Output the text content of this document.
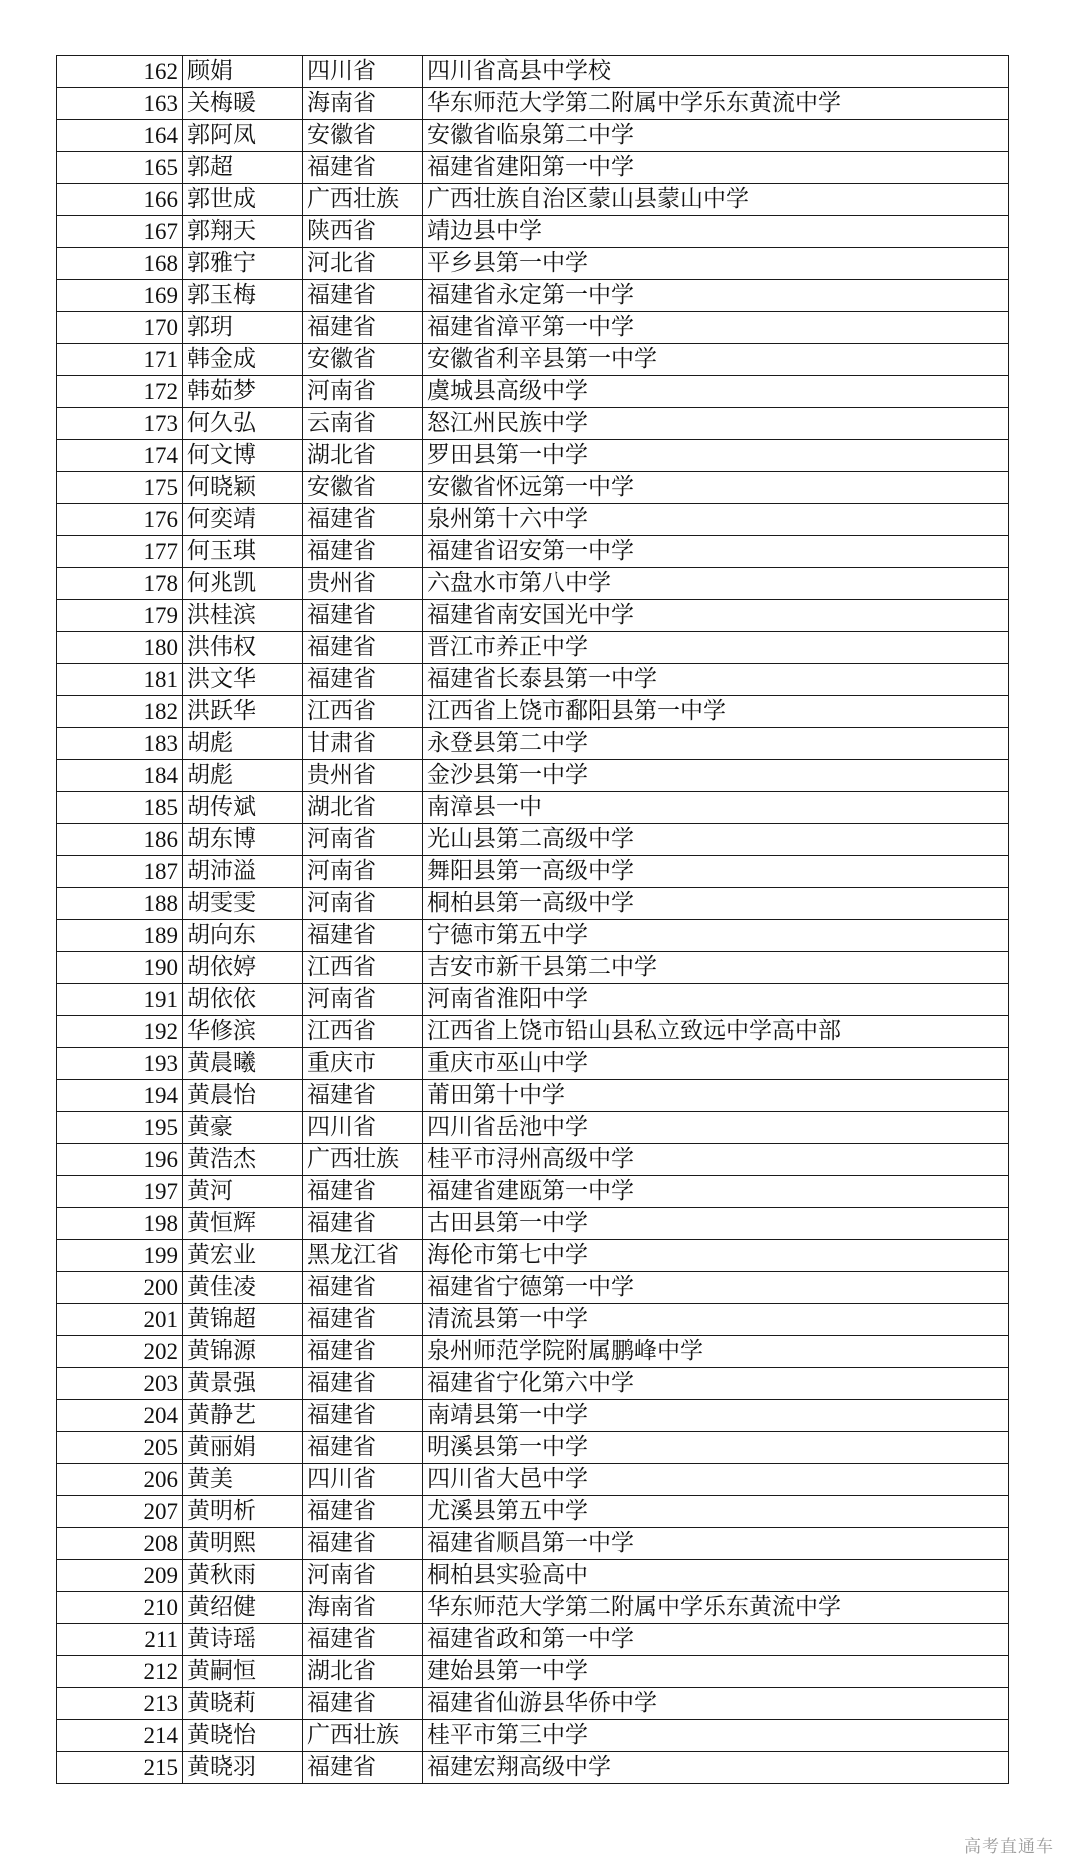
162	顾娟	四川省	四川省高县中学校
163	关梅暖	海南省	华东师范大学第二附属中学乐东黄流中学
164	郭阿凤	安徽省	安徽省临泉第二中学
165	郭超	福建省	福建省建阳第一中学
166	郭世成	广西壮族	广西壮族自治区蒙山县蒙山中学
167	郭翔天	陕西省	靖边县中学
168	郭雅宁	河北省	平乡县第一中学
169	郭玉梅	福建省	福建省永定第一中学
170	郭玥	福建省	福建省漳平第一中学
171	韩金成	安徽省	安徽省利辛县第一中学
172	韩茹梦	河南省	虞城县高级中学
173	何久弘	云南省	怒江州民族中学
174	何文博	湖北省	罗田县第一中学
175	何晓颖	安徽省	安徽省怀远第一中学
176	何奕靖	福建省	泉州第十六中学
177	何玉琪	福建省	福建省诏安第一中学
178	何兆凯	贵州省	六盘水市第八中学
179	洪桂滨	福建省	福建省南安国光中学
180	洪伟权	福建省	晋江市养正中学
181	洪文华	福建省	福建省长泰县第一中学
182	洪跃华	江西省	江西省上饶市鄱阳县第一中学
183	胡彪	甘肃省	永登县第二中学
184	胡彪	贵州省	金沙县第一中学
185	胡传斌	湖北省	南漳县一中
186	胡东博	河南省	光山县第二高级中学
187	胡沛溢	河南省	舞阳县第一高级中学
188	胡雯雯	河南省	桐柏县第一高级中学
189	胡向东	福建省	宁德市第五中学
190	胡依婷	江西省	吉安市新干县第二中学
191	胡依依	河南省	河南省淮阳中学
192	华修滨	江西省	江西省上饶市铅山县私立致远中学高中部
193	黄晨曦	重庆市	重庆市巫山中学
194	黄晨怡	福建省	莆田第十中学
195	黄豪	四川省	四川省岳池中学
196	黄浩杰	广西壮族	桂平市浔州高级中学
197	黄河	福建省	福建省建瓯第一中学
198	黄恒辉	福建省	古田县第一中学
199	黄宏业	黑龙江省	海伦市第七中学
200	黄佳凌	福建省	福建省宁德第一中学
201	黄锦超	福建省	清流县第一中学
202	黄锦源	福建省	泉州师范学院附属鹏峰中学
203	黄景强	福建省	福建省宁化第六中学
204	黄静艺	福建省	南靖县第一中学
205	黄丽娟	福建省	明溪县第一中学
206	黄美	四川省	四川省大邑中学
207	黄明析	福建省	尤溪县第五中学
208	黄明熙	福建省	福建省顺昌第一中学
209	黄秋雨	河南省	桐柏县实验高中
210	黄绍健	海南省	华东师范大学第二附属中学乐东黄流中学
211	黄诗瑶	福建省	福建省政和第一中学
212	黄嗣恒	湖北省	建始县第一中学
213	黄晓莉	福建省	福建省仙游县华侨中学
214	黄晓怡	广西壮族	桂平市第三中学
215	黄晓羽	福建省	福建宏翔高级中学
高考直通车
